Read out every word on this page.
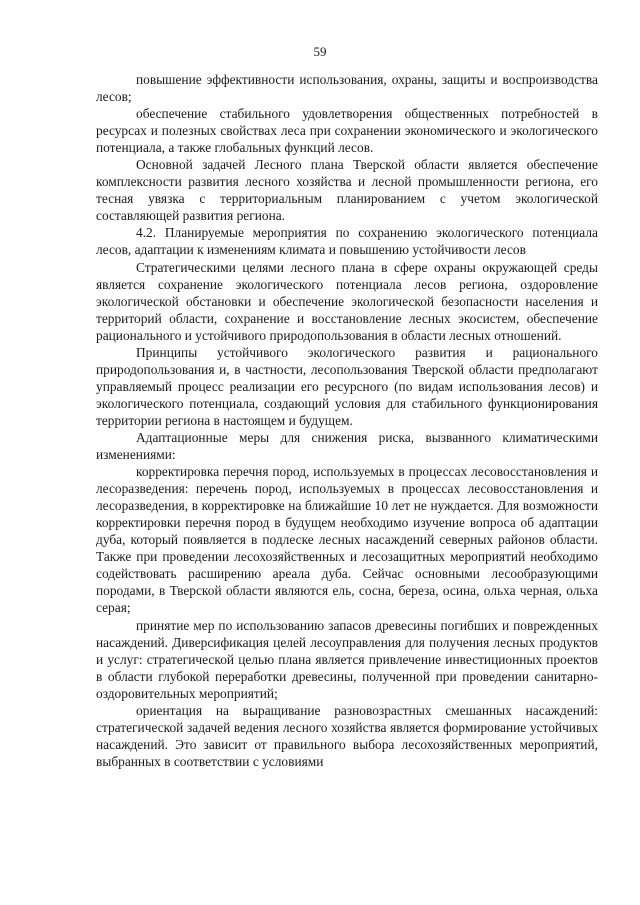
59

повышение эффективности использования, охраны, защиты и воспроизводства лесов;

обеспечение стабильного удовлетворения общественных потребностей в ресурсах и полезных свойствах леса при сохранении экономического и экологического потенциала, а также глобальных функций лесов.

Основной задачей Лесного плана Тверской области является обеспечение комплексности развития лесного хозяйства и лесной промышленности региона, его тесная увязка с территориальным планированием с учетом экологической составляющей развития региона.

4.2. Планируемые мероприятия по сохранению экологического потенциала лесов, адаптации к изменениям климата и повышению устойчивости лесов

Стратегическими целями лесного плана в сфере охраны окружающей среды является сохранение экологического потенциала лесов региона, оздоровление экологической обстановки и обеспечение экологической безопасности населения и территорий области, сохранение и восстановление лесных экосистем, обеспечение рационального и устойчивого природопользования в области лесных отношений.

Принципы устойчивого экологического развития и рационального природопользования и, в частности, лесопользования Тверской области предполагают управляемый процесс реализации его ресурсного (по видам использования лесов) и экологического потенциала, создающий условия для стабильного функционирования территории региона в настоящем и будущем.

Адаптационные меры для снижения риска, вызванного климатическими изменениями:

корректировка перечня пород, используемых в процессах лесовосстановления и лесоразведения: перечень пород, используемых в процессах лесовосстановления и лесоразведения, в корректировке на ближайшие 10 лет не нуждается. Для возможности корректировки перечня пород в будущем необходимо изучение вопроса об адаптации дуба, который появляется в подлеске лесных насаждений северных районов области. Также при проведении лесохозяйственных и лесозащитных мероприятий необходимо содействовать расширению ареала дуба. Сейчас основными лесообразующими породами, в Тверской области являются ель, сосна, береза, осина, ольха черная, ольха серая;

принятие мер по использованию запасов древесины погибших и поврежденных насаждений. Диверсификация целей лесоуправления для получения лесных продуктов и услуг: стратегической целью плана является привлечение инвестиционных проектов в области глубокой переработки древесины, полученной при проведении санитарно-оздоровительных мероприятий;

ориентация на выращивание разновозрастных смешанных насаждений: стратегической задачей ведения лесного хозяйства является формирование устойчивых насаждений. Это зависит от правильного выбора лесохозяйственных мероприятий, выбранных в соответствии с условиями
